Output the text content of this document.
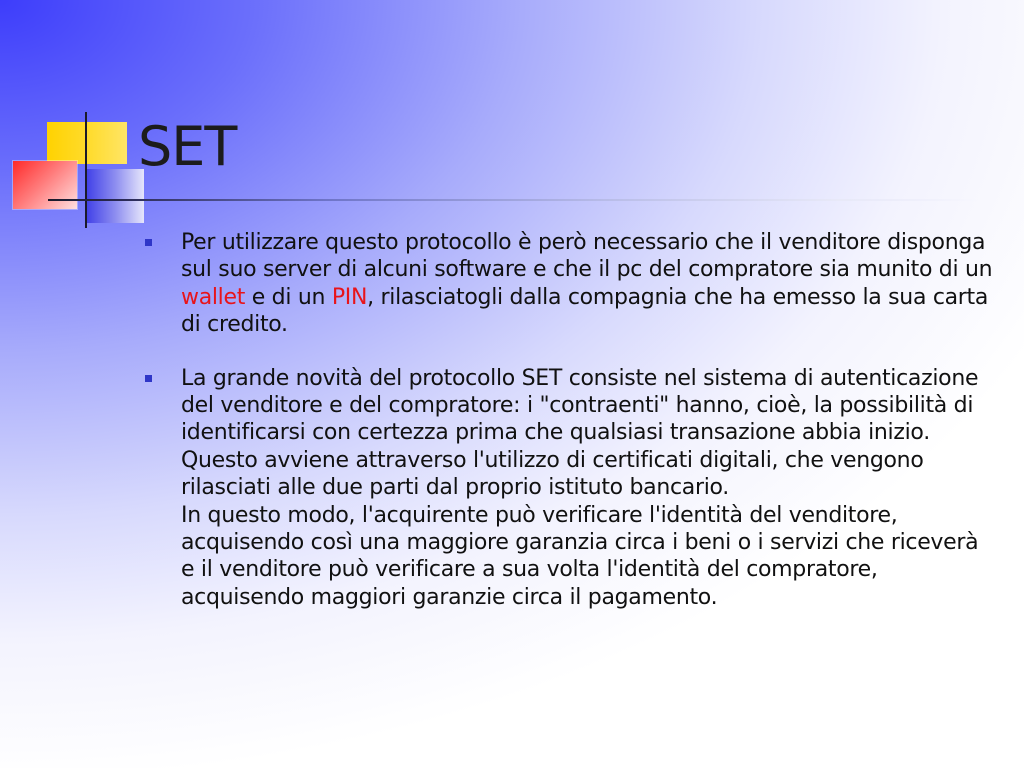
SET

Per utilizzare questo protocollo è però necessario che il venditore disponga sul suo server di alcuni software e che il pc del compratore sia munito di un wallet e di un PIN, rilasciatogli dalla compagnia che ha emesso la sua carta di credito.

La grande novità del protocollo SET consiste nel sistema di autenticazione del venditore e del compratore: i "contraenti" hanno, cioè, la possibilità di identificarsi con certezza prima che qualsiasi transazione abbia inizio. Questo avviene attraverso l'utilizzo di certificati digitali, che vengono rilasciati alle due parti dal proprio istituto bancario.
In questo modo, l'acquirente può verificare l'identità del venditore, acquisendo così una maggiore garanzia circa i beni o i servizi che riceverà e il venditore può verificare a sua volta l'identità del compratore, acquisendo maggiori garanzie circa il pagamento.
